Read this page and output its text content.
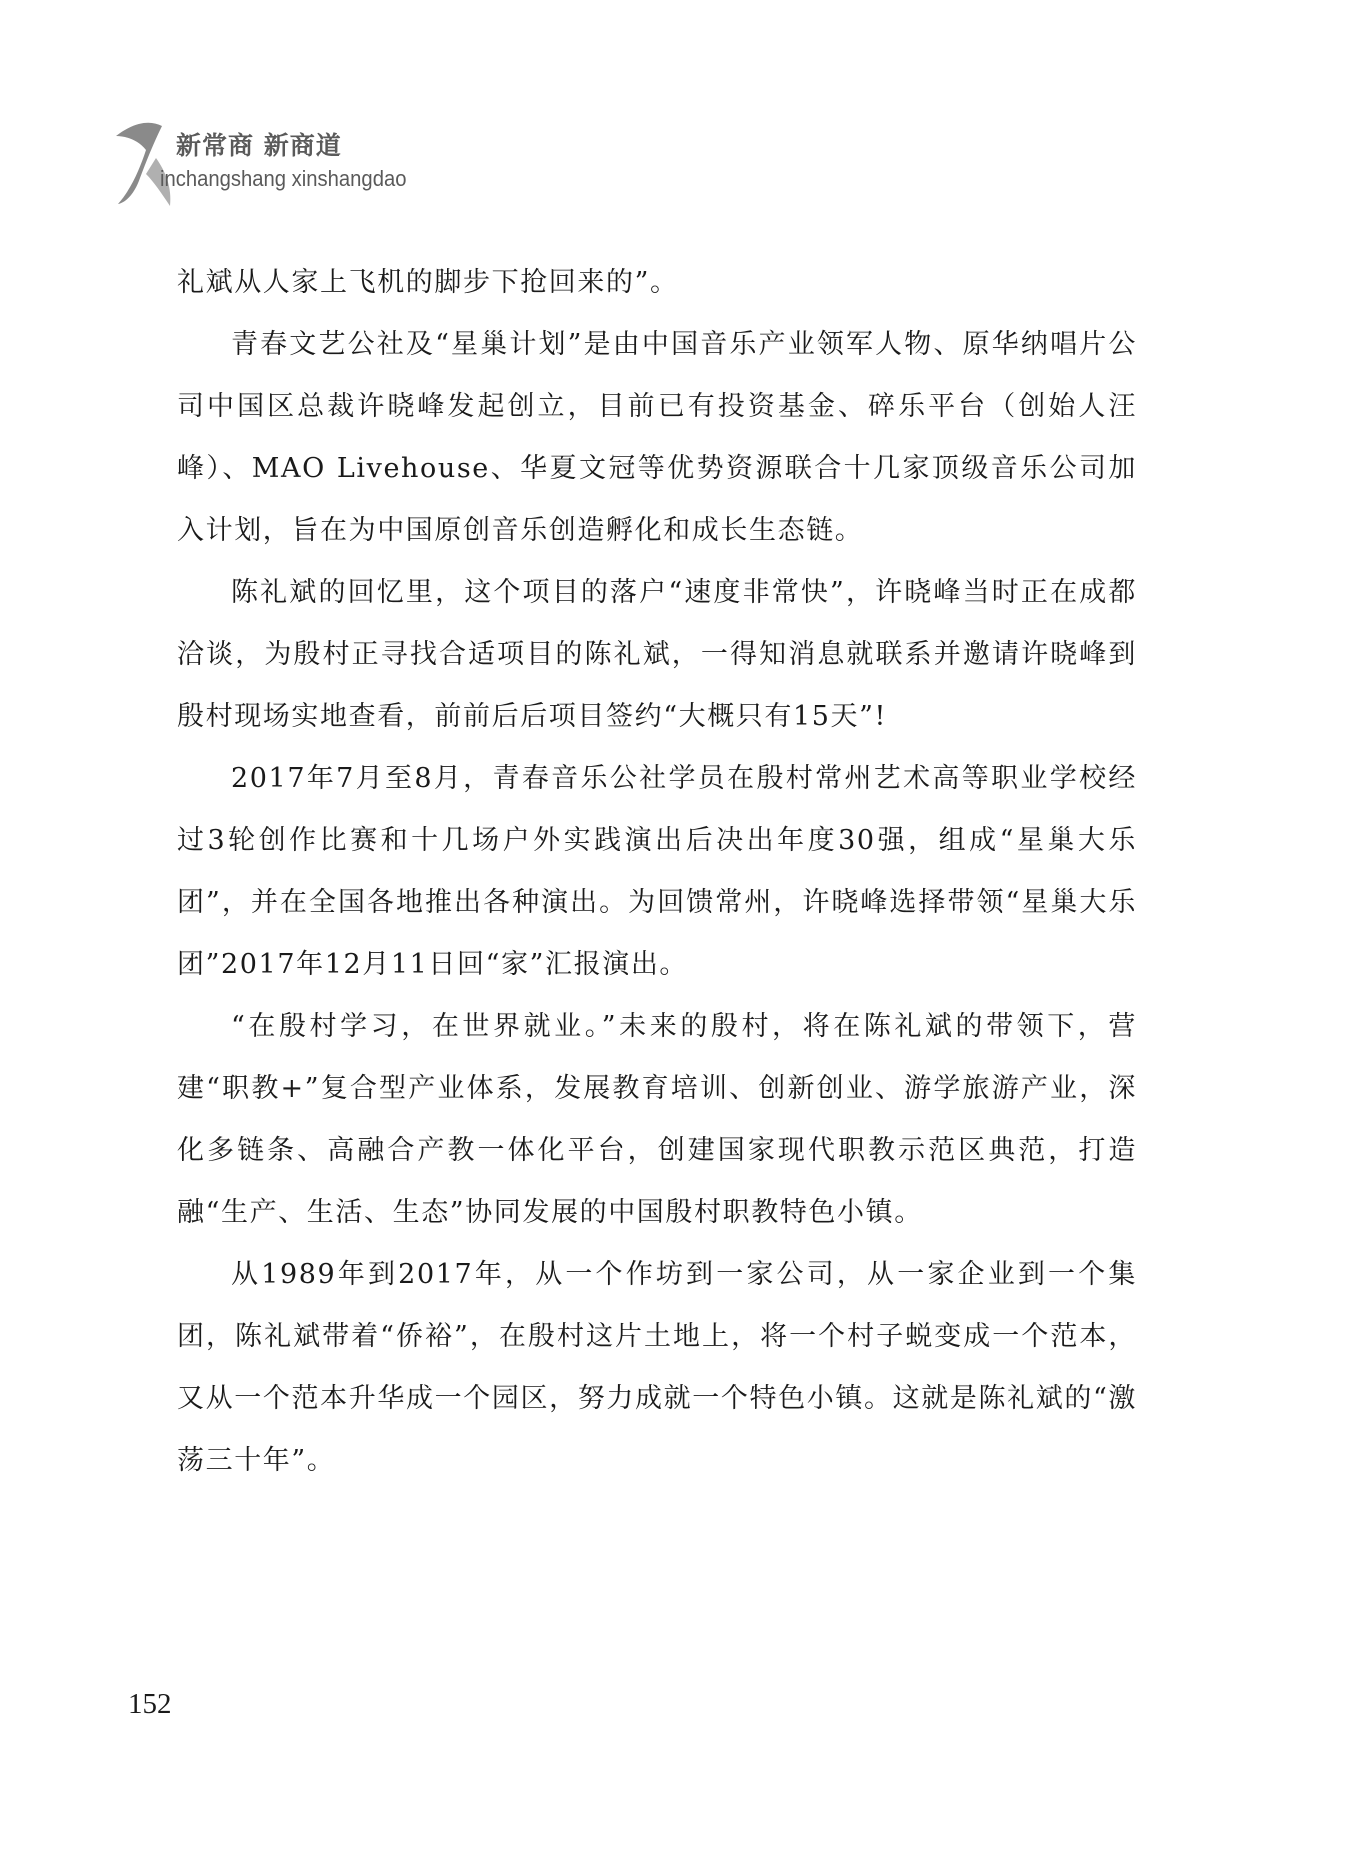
新常商 新商道
inchangshang xinshangdao

礼斌从人家上飞机的脚步下抢回来的”。

青春文艺公社及“星巢计划”是由中国音乐产业领军人物、原华纳唱片公司中国区总裁许晓峰发起创立，目前已有投资基金、碎乐平台（创始人汪峰）、MAO Livehouse、华夏文冠等优势资源联合十几家顶级音乐公司加入计划，旨在为中国原创音乐创造孵化和成长生态链。

陈礼斌的回忆里，这个项目的落户“速度非常快”，许晓峰当时正在成都洽谈，为殷村正寻找合适项目的陈礼斌，一得知消息就联系并邀请许晓峰到殷村现场实地查看，前前后后项目签约“大概只有15天”!

2017年7月至8月，青春音乐公社学员在殷村常州艺术高等职业学校经过3轮创作比赛和十几场户外实践演出后决出年度30强，组成“星巢大乐团”，并在全国各地推出各种演出。为回馈常州，许晓峰选择带领“星巢大乐团”2017年12月11日回“家”汇报演出。

“在殷村学习，在世界就业。”未来的殷村，将在陈礼斌的带领下，营建“职教+”复合型产业体系，发展教育培训、创新创业、游学旅游产业，深化多链条、高融合产教一体化平台，创建国家现代职教示范区典范，打造融“生产、生活、生态”协同发展的中国殷村职教特色小镇。

从1989年到2017年，从一个作坊到一家公司，从一家企业到一个集团，陈礼斌带着“侨裕”，在殷村这片土地上，将一个村子蜕变成一个范本，又从一个范本升华成一个园区，努力成就一个特色小镇。这就是陈礼斌的“激荡三十年”。

152
